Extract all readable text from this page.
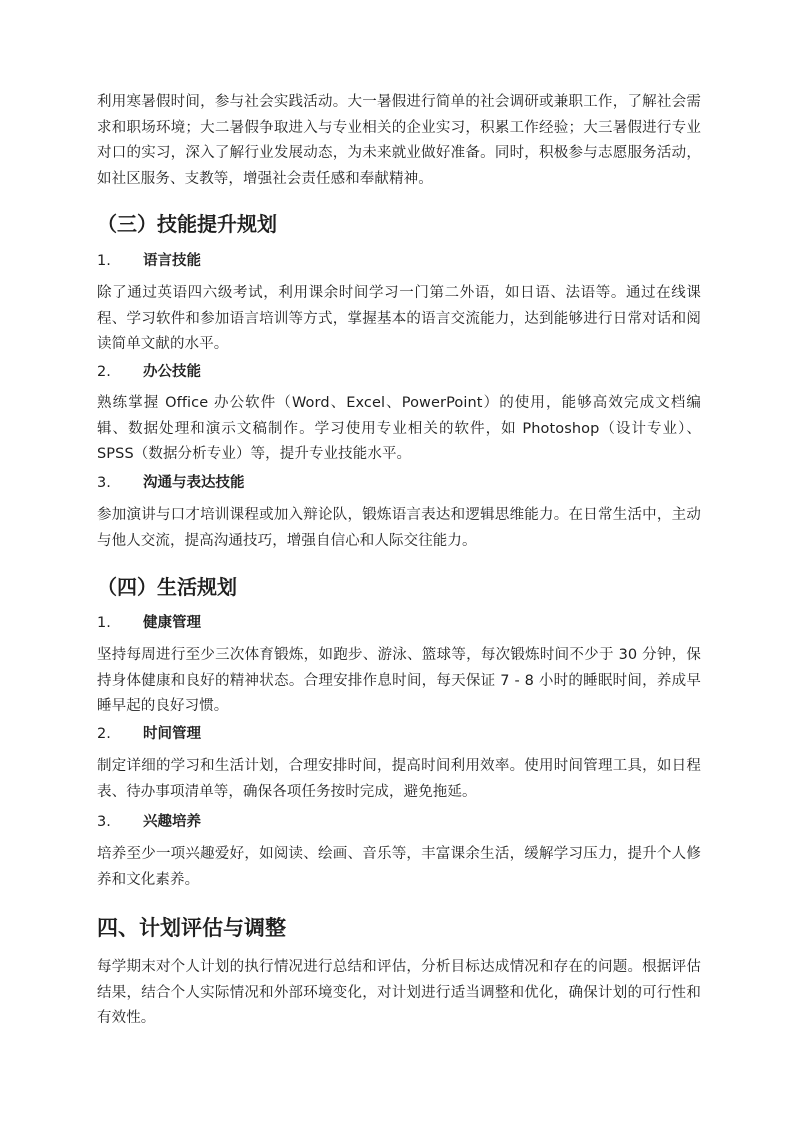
利用寒暑假时间，参与社会实践活动。大一暑假进行简单的社会调研或兼职工作，了解社会需求和职场环境；大二暑假争取进入与专业相关的企业实习，积累工作经验；大三暑假进行专业对口的实习，深入了解行业发展动态，为未来就业做好准备。同时，积极参与志愿服务活动，如社区服务、支教等，增强社会责任感和奉献精神。

（三）技能提升规划
1. 语言技能

除了通过英语四六级考试，利用课余时间学习一门第二外语，如日语、法语等。通过在线课程、学习软件和参加语言培训等方式，掌握基本的语言交流能力，达到能够进行日常对话和阅读简单文献的水平。

2. 办公技能

熟练掌握 Office 办公软件（Word、Excel、PowerPoint）的使用，能够高效完成文档编辑、数据处理和演示文稿制作。学习使用专业相关的软件，如 Photoshop（设计专业）、SPSS（数据分析专业）等，提升专业技能水平。

3. 沟通与表达技能

参加演讲与口才培训课程或加入辩论队，锻炼语言表达和逻辑思维能力。在日常生活中，主动与他人交流，提高沟通技巧，增强自信心和人际交往能力。

（四）生活规划
1. 健康管理

坚持每周进行至少三次体育锻炼，如跑步、游泳、篮球等，每次锻炼时间不少于 30 分钟，保持身体健康和良好的精神状态。合理安排作息时间，每天保证 7 - 8 小时的睡眠时间，养成早睡早起的良好习惯。

2. 时间管理

制定详细的学习和生活计划，合理安排时间，提高时间利用效率。使用时间管理工具，如日程表、待办事项清单等，确保各项任务按时完成，避免拖延。

3. 兴趣培养

培养至少一项兴趣爱好，如阅读、绘画、音乐等，丰富课余生活，缓解学习压力，提升个人修养和文化素养。

四、计划评估与调整

每学期末对个人计划的执行情况进行总结和评估，分析目标达成情况和存在的问题。根据评估结果，结合个人实际情况和外部环境变化，对计划进行适当调整和优化，确保计划的可行性和有效性。
